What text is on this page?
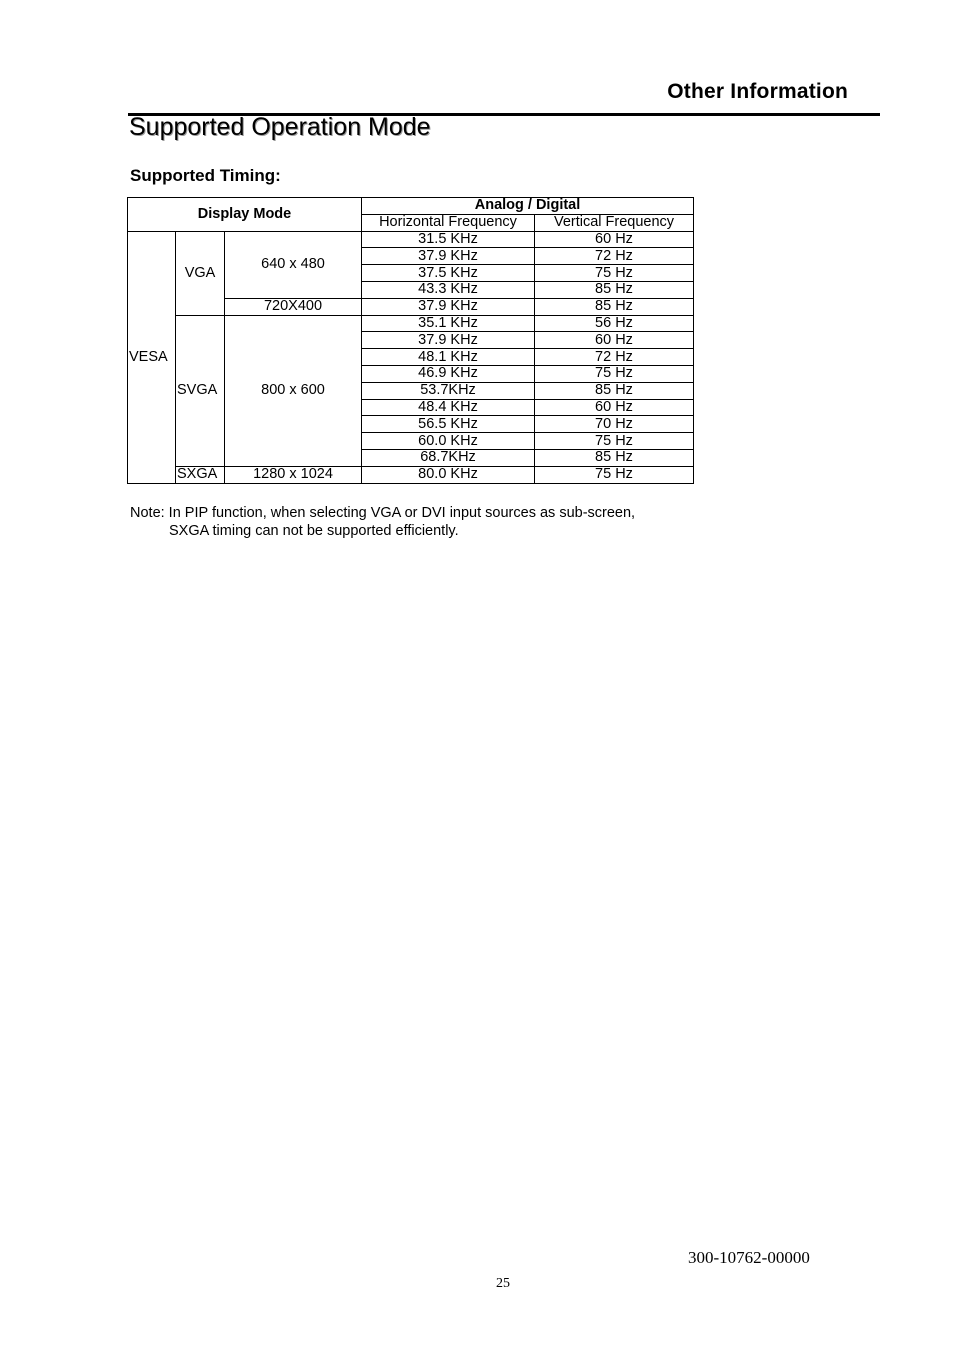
Other Information
Supported Operation Mode
Supported Timing:
Display Mode			Analog / Digital	
			Horizontal Frequency	Vertical Frequency
VESA	VGA	640 x 480	31.5 KHz	60 Hz
			37.9 KHz	72 Hz
			37.5 KHz	75 Hz
			43.3 KHz	85 Hz
		720X400	37.9 KHz	85 Hz
	SVGA	800 x 600	35.1 KHz	56 Hz
			37.9 KHz	60 Hz
			48.1 KHz	72 Hz
			46.9 KHz	75 Hz
			53.7KHz	85 Hz
			48.4 KHz	60 Hz
			56.5 KHz	70 Hz
			60.0 KHz	75 Hz
			68.7KHz	85 Hz
	SXGA	1280 x 1024	80.0 KHz	75 Hz

Note: In PIP function, when selecting VGA or DVI input sources as sub-screen,
SXGA timing can not be supported efficiently.

300-10762-00000
25
